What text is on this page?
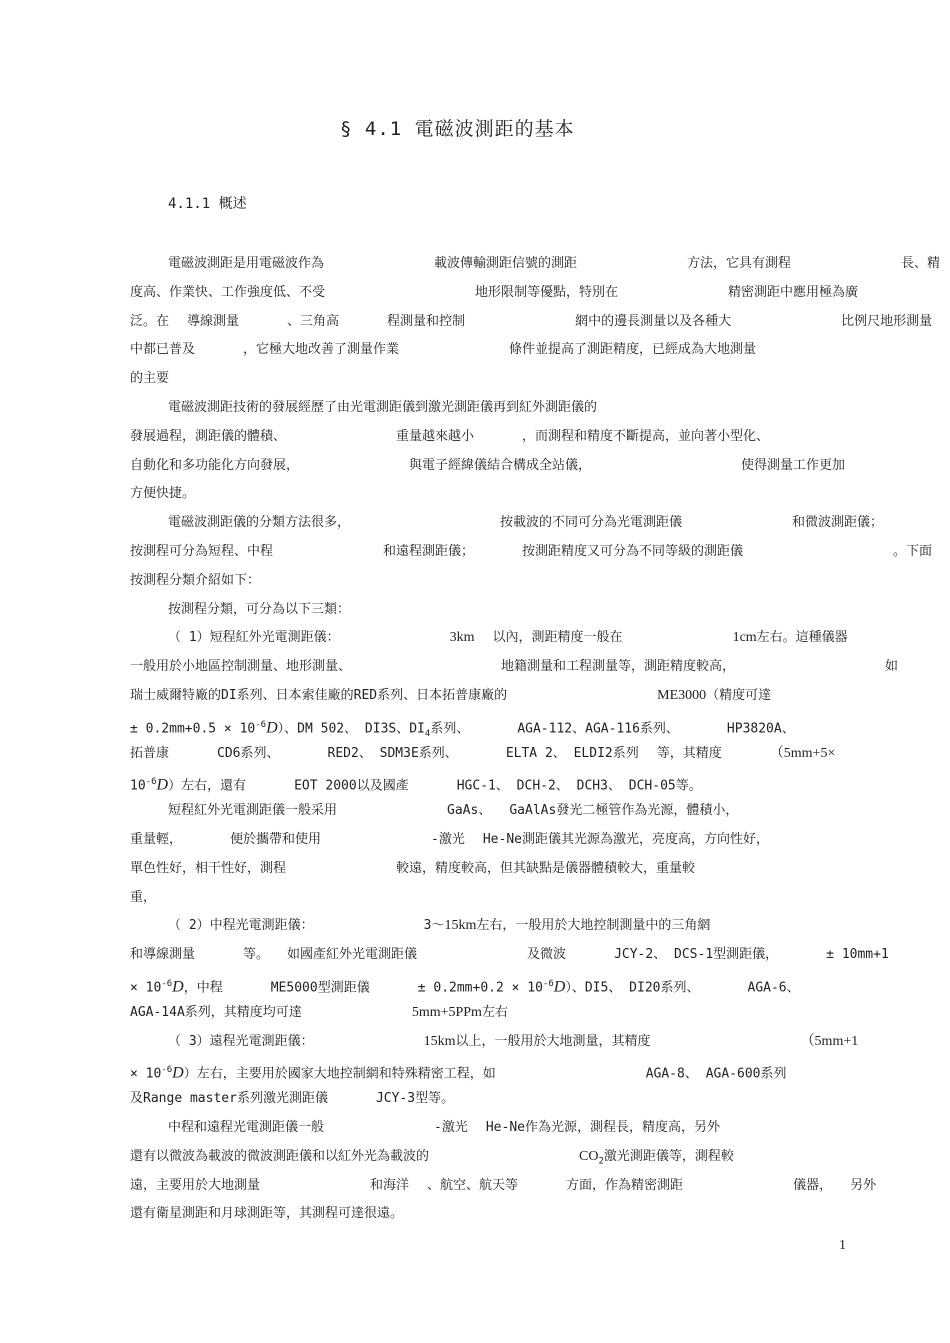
§ 4.1 電磁波測距的基本
4.1.1 概述
電磁波測距是用電磁波作為	載波傳輸測距信號的測距	方法，它具有測程	長、精
度高、作業快、工作強度低、不受	地形限制等優點，特別在	精密測距中應用極為廣
泛。在 導線測量	、三角高	程測量和控制	網中的邊長測量以及各種大	比例尺地形測量
中都已普及	，它極大地改善了測量作業	條件並提高了測距精度，已經成為大地測量
的主要
電磁波測距技術的發展經歷了由光電測距儀到激光測距儀再到紅外測距儀的
發展過程，測距儀的體積、	重量越來越小	，而測程和精度不斷提高，並向著小型化、
自動化和多功能化方向發展，	與電子經緯儀結合構成全站儀，	使得測量工作更加
方便快捷。
電磁波測距儀的分類方法很多，	按載波的不同可分為光電測距儀	和微波測距儀；
按測程可分為短程、中程	和遠程測距儀；	按測距精度又可分為不同等級的測距儀	。下面
按測程分類介紹如下：
按測程分類，可分為以下三類：
（ 1）短程紅外光電測距儀：	3km 以內，測距精度一般在	1cm左右。這種儀器
一般用於小地區控制測量、地形測量、	地籍測量和工程測量等，測距精度較高，	如
瑞士威爾特廠的DI系列、日本索佳廠的RED系列、日本拓普康廠的	ME3000（精度可達
± $0.2mm+0.5 \times 10^{-6}D$）、DM 502、 DI3S、$DI_4$系列、	AGA-112、AGA-116系列、	HP3820A、
拓普康	CD6系列、	RED2、 SDM3E系列、	ELTA 2、 ELDI2系列 等，其精度	（5mm+5×
$10^{-6}D$）左右，還有	EOT 2000以及國產	HGC-1、 DCH-2、 DCH3、 DCH-05等。
短程紅外光電測距儀一般采用	GaAs、 GaAlAs發光二極管作為光源，體積小，
重量輕，	便於攜帶和使用	-激光 He-Ne測距儀其光源為激光，亮度高，方向性好，
單色性好，相干性好，測程	較遠，精度較高，但其缺點是儀器體積較大，重量較
重，
（ 2）中程光電測距儀：	3～15km左右，一般用於大地控制測量中的三角網
和導線測量	等。 如國產紅外光電測距儀	及微波	JCY-2、 DCS-1型測距儀，	± 10mm+1
× $10^{-6}D$，中程	ME5000型測距儀	± $0.2mm+0.2 \times 10^{-6}D$）、DI5、 DI20系列、	AGA-6、
AGA-14A系列，其精度均可達	5mm+5PPm左右
（ 3）遠程光電測距儀：	15km以上，一般用於大地測量，其精度	（5mm+1
× $10^{-6}D$）左右，主要用於國家大地控制網和特殊精密工程，如	AGA-8、 AGA-600系列
及Range master系列激光測距儀	JCY-3型等。
中程和遠程光電測距儀一般	-激光 He-Ne作為光源，測程長，精度高，另外
還有以微波為載波的微波測距儀和以紅外光為載波的	$CO_2$激光測距儀等，測程較
遠，主要用於大地測量	和海洋 、航空、航天等	方面，作為精密測距	儀器， 另外
還有衛星測距和月球測距等，其測程可達很遠。
1
